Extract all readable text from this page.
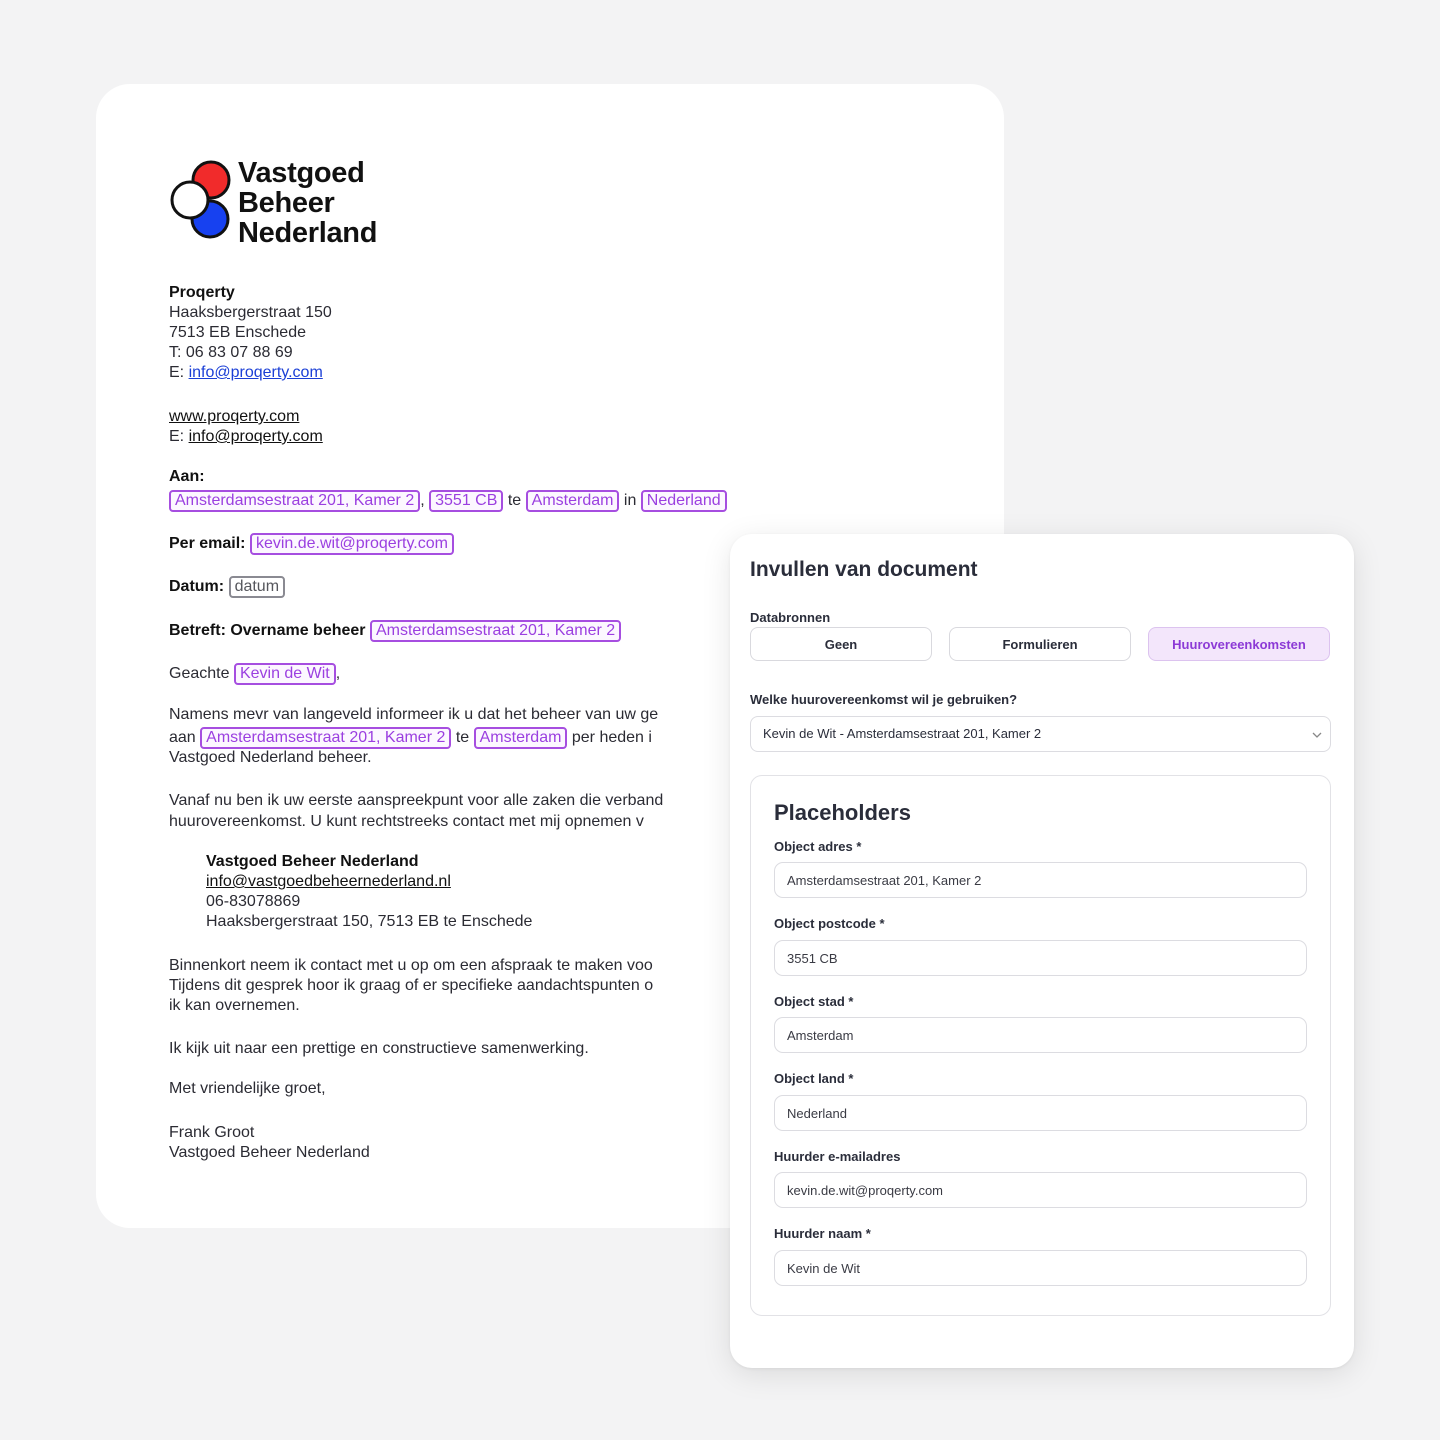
Vastgoed
Beheer
Nederland
Proqerty
Haaksbergerstraat 150
7513 EB Enschede
T: 06 83 07 88 69
E: info@proqerty.com
www.proqerty.com
E: info@proqerty.com
Aan:
Amsterdamsestraat 201, Kamer 2 , 3551 CB te Amsterdam in Nederland
Per email: kevin.de.wit@proqerty.com
Datum: datum
Betreft: Overname beheer Amsterdamsestraat 201, Kamer 2
Geachte Kevin de Wit ,
Namens mevr van langeveld informeer ik u dat het beheer van uw ge
aan Amsterdamsestraat 201, Kamer 2 te Amsterdam per heden i
Vastgoed Nederland beheer.
Vanaf nu ben ik uw eerste aanspreekpunt voor alle zaken die verband
huurovereenkomst. U kunt rechtstreeks contact met mij opnemen v
Vastgoed Beheer Nederland
info@vastgoedbeheernederland.nl
06-83078869
Haaksbergerstraat 150, 7513 EB te Enschede
Binnenkort neem ik contact met u op om een afspraak te maken voo
Tijdens dit gesprek hoor ik graag of er specifieke aandachtspunten o
ik kan overnemen.
Ik kijk uit naar een prettige en constructieve samenwerking.
Met vriendelijke groet,
Frank Groot
Vastgoed Beheer Nederland
Invullen van document
Databronnen
Geen	Formulieren	Huurovereenkomsten
Welke huurovereenkomst wil je gebruiken?
Kevin de Wit - Amsterdamsestraat 201, Kamer 2
Placeholders
Object adres *
Amsterdamsestraat 201, Kamer 2
Object postcode *
3551 CB
Object stad *
Amsterdam
Object land *
Nederland
Huurder e-mailadres
kevin.de.wit@proqerty.com
Huurder naam *
Kevin de Wit
